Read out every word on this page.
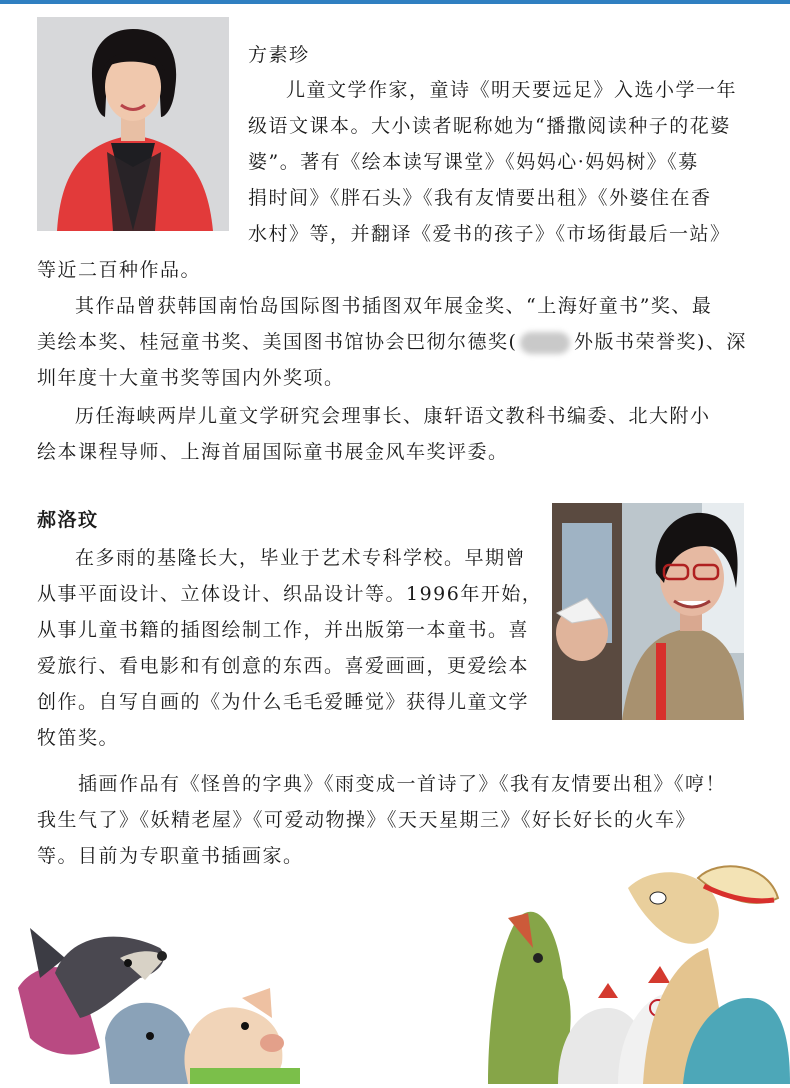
方素珍
儿童文学作家，童诗《明天要远足》入选小学一年
级语文课本。大小读者昵称她为“播撒阅读种子的花婆
婆”。著有《绘本读写课堂》《妈妈心·妈妈树》《募
捐时间》《胖石头》《我有友情要出租》《外婆住在香
水村》等，并翻译《爱书的孩子》《市场街最后一站》
等近二百种作品。
其作品曾获韩国南怡岛国际图书插图双年展金奖、“上海好童书”奖、最
美绘本奖、桂冠童书奖、美国图书馆协会巴彻尔德奖(	外版书荣誉奖)、深
圳年度十大童书奖等国内外奖项。
历任海峡两岸儿童文学研究会理事长、康轩语文教科书编委、北大附小
绘本课程导师、上海首届国际童书展金风车奖评委。
郝洛玟
在多雨的基隆长大，毕业于艺术专科学校。早期曾
从事平面设计、立体设计、织品设计等。1996年开始，
从事儿童书籍的插图绘制工作，并出版第一本童书。喜
爱旅行、看电影和有创意的东西。喜爱画画，更爱绘本
创作。自写自画的《为什么毛毛爱睡觉》获得儿童文学
牧笛奖。
插画作品有《怪兽的字典》《雨变成一首诗了》《我有友情要出租》《哼！
我生气了》《妖精老屋》《可爱动物操》《天天星期三》《好长好长的火车》
等。目前为专职童书插画家。
